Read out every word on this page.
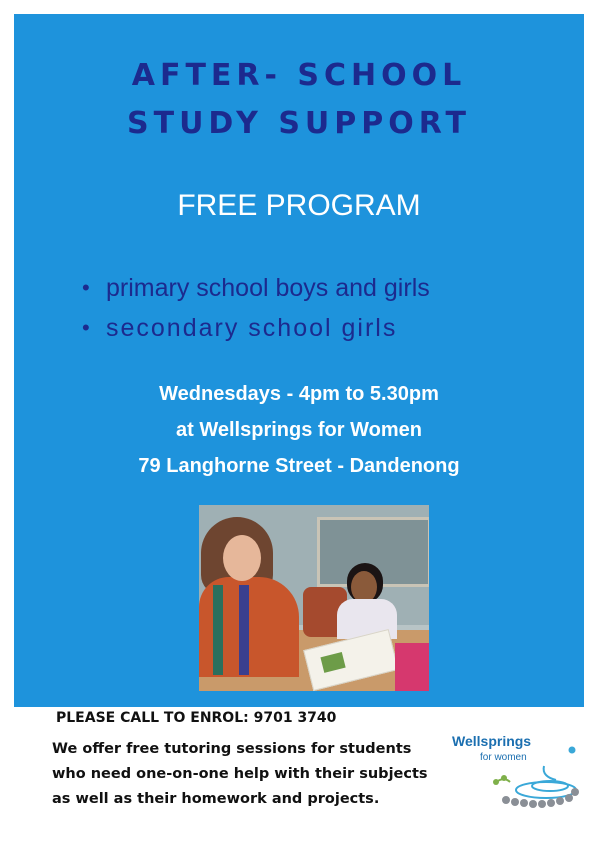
AFTER- SCHOOL
STUDY SUPPORT
FREE PROGRAM
• primary school boys and girls
• secondary school girls
Wednesdays - 4pm to 5.30pm
at Wellsprings for Women
79 Langhorne Street - Dandenong
PLEASE CALL TO ENROL: 9701 3740
We offer free tutoring sessions for students
who need one-on-one help with their subjects
as well as their homework and projects.
Wellsprings
for women
